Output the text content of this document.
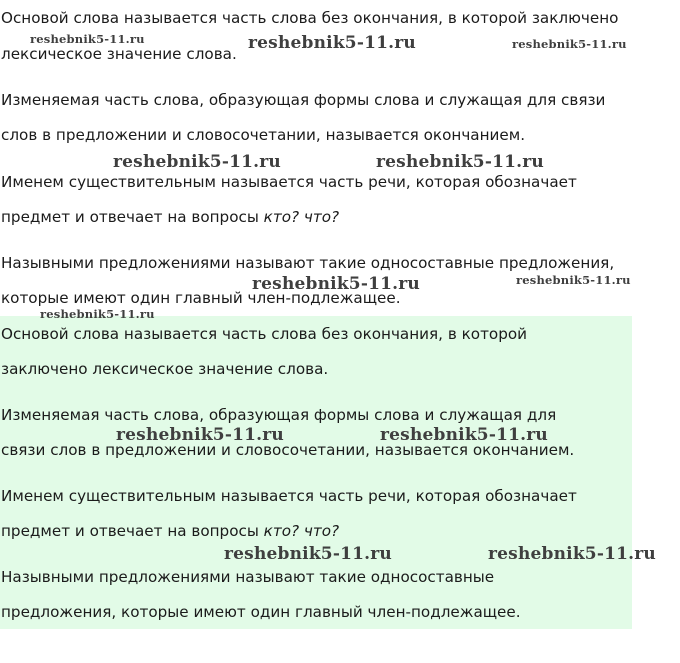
Основой слова называется часть слова без окончания, в которой заключено

лексическое значение слова.

Изменяемая часть слова, образующая формы слова и служащая для связи

слов в предложении и словосочетании, называется окончанием.

Именем существительным называется часть речи, которая обозначает

предмет и отвечает на вопросы кто? что?

Назывными предложениями называют такие односоставные предложения,

которые имеют один главный член-подлежащее.

Основой слова называется часть слова без окончания, в которой

заключено лексическое значение слова.

Изменяемая часть слова, образующая формы слова и служащая для

связи слов в предложении и словосочетании, называется окончанием.

Именем существительным называется часть речи, которая обозначает

предмет и отвечает на вопросы кто? что?

Назывными предложениями называют такие односоставные

предложения, которые имеют один главный член-подлежащее.

reshebnik5-11.ru	reshebnik5-11.ru	reshebnik5-11.ru
reshebnik5-11.ru	reshebnik5-11.ru
reshebnik5-11.ru	reshebnik5-11.ru
reshebnik5-11.ru
reshebnik5-11.ru	reshebnik5-11.ru
reshebnik5-11.ru	reshebnik5-11.ru
